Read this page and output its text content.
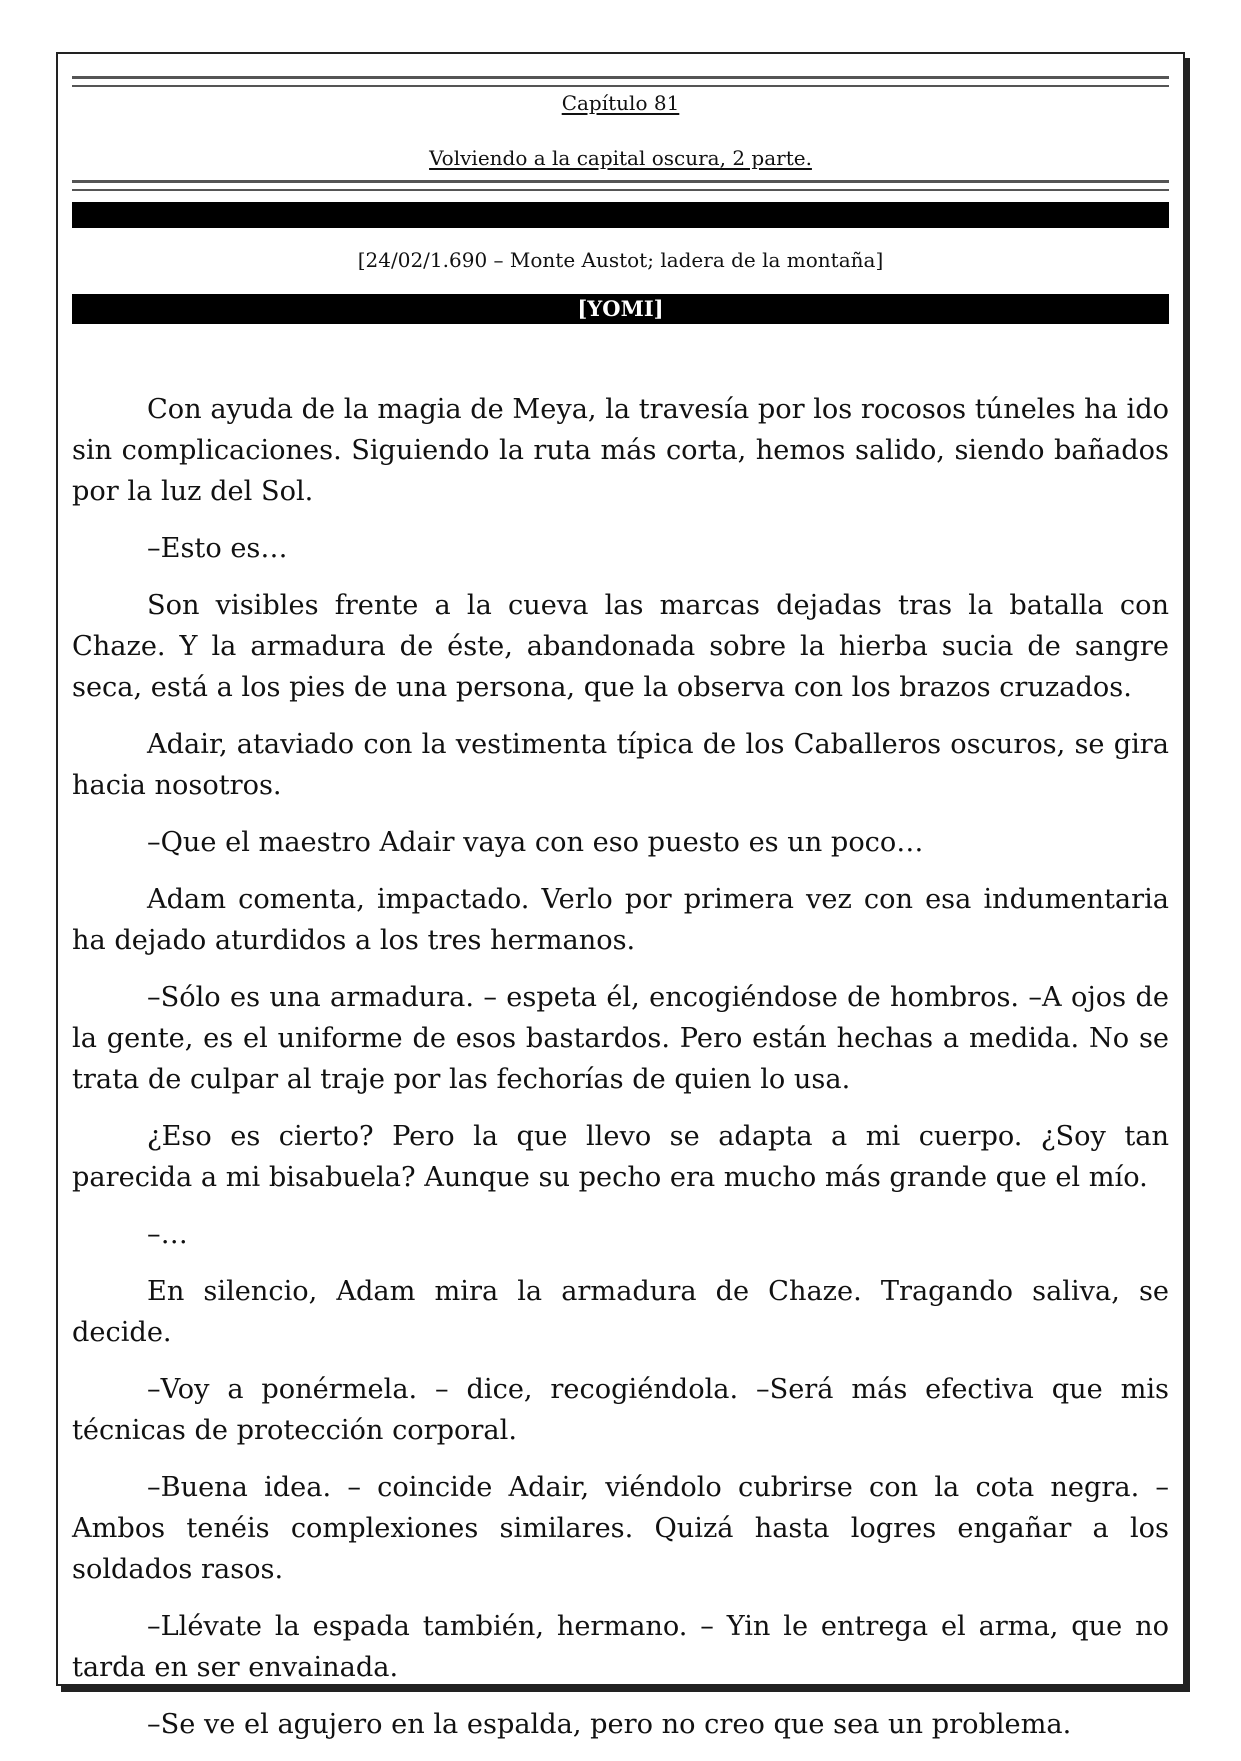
Capítulo 81
Volviendo a la capital oscura, 2 parte.
[24/02/1.690 – Monte Austot; ladera de la montaña]
[YOMI]

Con ayuda de la magia de Meya, la travesía por los rocosos túneles ha ido sin complicaciones. Siguiendo la ruta más corta, hemos salido, siendo bañados por la luz del Sol.

–Esto es…

Son visibles frente a la cueva las marcas dejadas tras la batalla con Chaze. Y la armadura de éste, abandonada sobre la hierba sucia de sangre seca, está a los pies de una persona, que la observa con los brazos cruzados.

Adair, ataviado con la vestimenta típica de los Caballeros oscuros, se gira hacia nosotros.

–Que el maestro Adair vaya con eso puesto es un poco…

Adam comenta, impactado. Verlo por primera vez con esa indumentaria ha dejado aturdidos a los tres hermanos.

–Sólo es una armadura. – espeta él, encogiéndose de hombros. –A ojos de la gente, es el uniforme de esos bastardos. Pero están hechas a medida. No se trata de culpar al traje por las fechorías de quien lo usa.

¿Eso es cierto? Pero la que llevo se adapta a mi cuerpo. ¿Soy tan parecida a mi bisabuela? Aunque su pecho era mucho más grande que el mío.

–…

En silencio, Adam mira la armadura de Chaze. Tragando saliva, se decide.

–Voy a ponérmela. – dice, recogiéndola. –Será más efectiva que mis técnicas de protección corporal.

–Buena idea. – coincide Adair, viéndolo cubrirse con la cota negra. –Ambos tenéis complexiones similares. Quizá hasta logres engañar a los soldados rasos.

–Llévate la espada también, hermano. – Yin le entrega el arma, que no tarda en ser envainada.

–Se ve el agujero en la espalda, pero no creo que sea un problema.
